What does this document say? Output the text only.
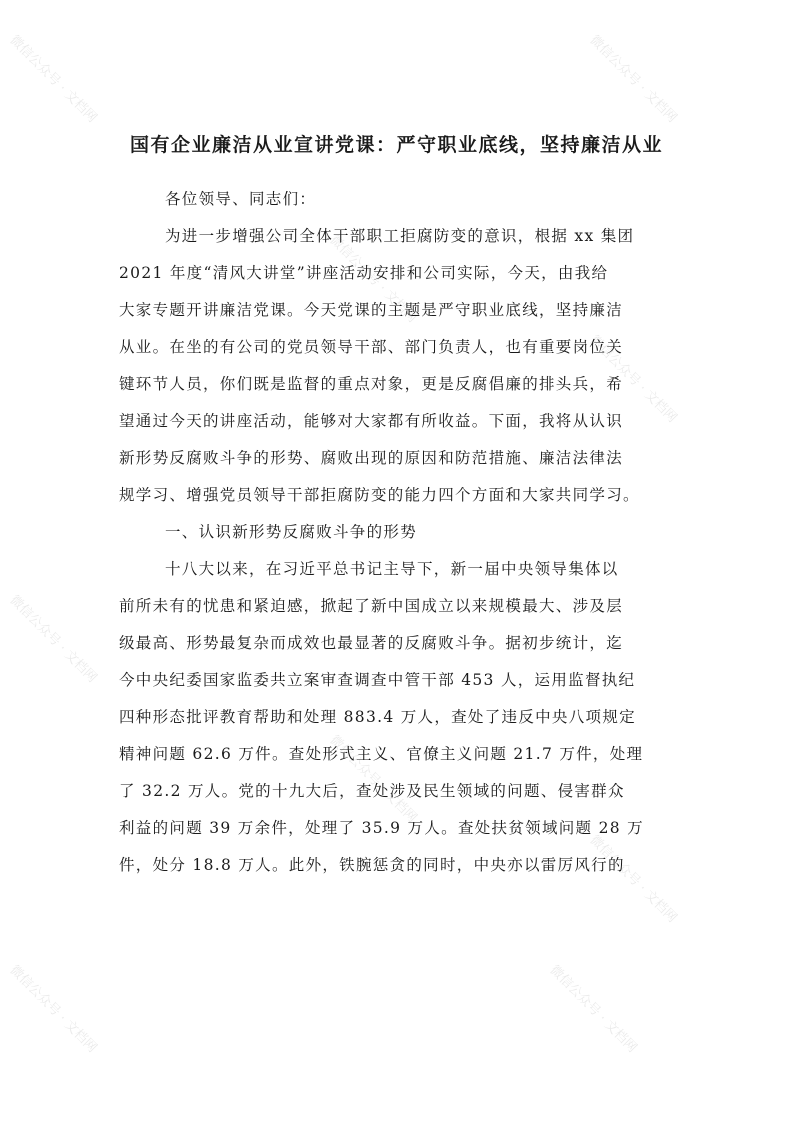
微信公众号 · 文档网	微信公众号 · 文档网
微信公众号 · 文档网
微信公众号 · 文档网
微信公众号 · 文档网
微信公众号 · 文档网
微信公众号 · 文档网
微信公众号 · 文档网	微信公众号 · 文档网
国有企业廉洁从业宣讲党课：严守职业底线，坚持廉洁从业
各位领导、同志们：
为进一步增强公司全体干部职工拒腐防变的意识，根据 xx 集团
2021 年度“清风大讲堂”讲座活动安排和公司实际，今天，由我给
大家专题开讲廉洁党课。今天党课的主题是严守职业底线，坚持廉洁
从业。在坐的有公司的党员领导干部、部门负责人，也有重要岗位关
键环节人员，你们既是监督的重点对象，更是反腐倡廉的排头兵，希
望通过今天的讲座活动，能够对大家都有所收益。下面，我将从认识
新形势反腐败斗争的形势、腐败出现的原因和防范措施、廉洁法律法
规学习、增强党员领导干部拒腐防变的能力四个方面和大家共同学习。
一、认识新形势反腐败斗争的形势
十八大以来，在习近平总书记主导下，新一届中央领导集体以
前所未有的忧患和紧迫感，掀起了新中国成立以来规模最大、涉及层
级最高、形势最复杂而成效也最显著的反腐败斗争。据初步统计，迄
今中央纪委国家监委共立案审查调查中管干部 453 人，运用监督执纪
四种形态批评教育帮助和处理 883.4 万人，查处了违反中央八项规定
精神问题 62.6 万件。查处形式主义、官僚主义问题 21.7 万件，处理
了 32.2 万人。党的十九大后，查处涉及民生领域的问题、侵害群众
利益的问题 39 万余件，处理了 35.9 万人。查处扶贫领域问题 28 万
件，处分 18.8 万人。此外，铁腕惩贪的同时，中央亦以雷厉风行的
